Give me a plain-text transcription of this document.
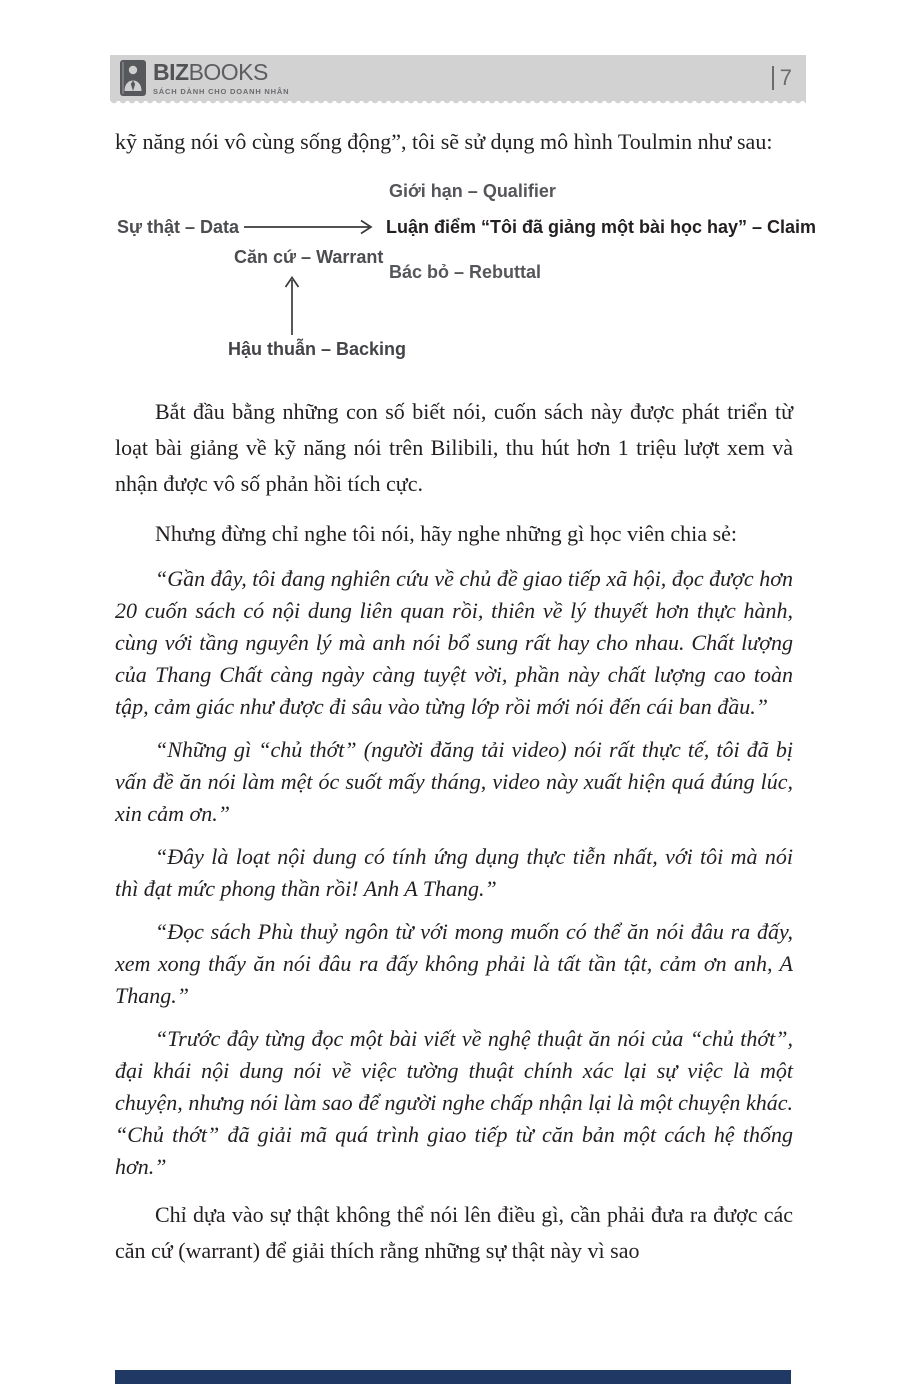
BIZBOOKS
SÁCH DÀNH CHO DOANH NHÂN
7

kỹ năng nói vô cùng sống động”, tôi sẽ sử dụng mô hình Toulmin như sau:

Giới hạn – Qualifier
Sự thật – Data	Luận điểm “Tôi đã giảng một bài học hay” – Claim
Căn cứ – Warrant
Bác bỏ – Rebuttal
Hậu thuẫn – Backing

Bắt đầu bằng những con số biết nói, cuốn sách này được phát triển từ loạt bài giảng về kỹ năng nói trên Bilibili, thu hút hơn 1 triệu lượt xem và nhận được vô số phản hồi tích cực.

Nhưng đừng chỉ nghe tôi nói, hãy nghe những gì học viên chia sẻ:

“Gần đây, tôi đang nghiên cứu về chủ đề giao tiếp xã hội, đọc được hơn 20 cuốn sách có nội dung liên quan rồi, thiên về lý thuyết hơn thực hành, cùng với tầng nguyên lý mà anh nói bổ sung rất hay cho nhau. Chất lượng của Thang Chất càng ngày càng tuyệt vời, phần này chất lượng cao toàn tập, cảm giác như được đi sâu vào từng lớp rồi mới nói đến cái ban đầu.”

“Những gì “chủ thớt” (người đăng tải video) nói rất thực tế, tôi đã bị vấn đề ăn nói làm mệt óc suốt mấy tháng, video này xuất hiện quá đúng lúc, xin cảm ơn.”

“Đây là loạt nội dung có tính ứng dụng thực tiễn nhất, với tôi mà nói thì đạt mức phong thần rồi! Anh A Thang.”

“Đọc sách Phù thuỷ ngôn từ với mong muốn có thể ăn nói đâu ra đấy, xem xong thấy ăn nói đâu ra đấy không phải là tất tần tật, cảm ơn anh, A Thang.”

“Trước đây từng đọc một bài viết về nghệ thuật ăn nói của “chủ thớt”, đại khái nội dung nói về việc tường thuật chính xác lại sự việc là một chuyện, nhưng nói làm sao để người nghe chấp nhận lại là một chuyện khác. “Chủ thớt” đã giải mã quá trình giao tiếp từ căn bản một cách hệ thống hơn.”

Chỉ dựa vào sự thật không thể nói lên điều gì, cần phải đưa ra được các căn cứ (warrant) để giải thích rằng những sự thật này vì sao
